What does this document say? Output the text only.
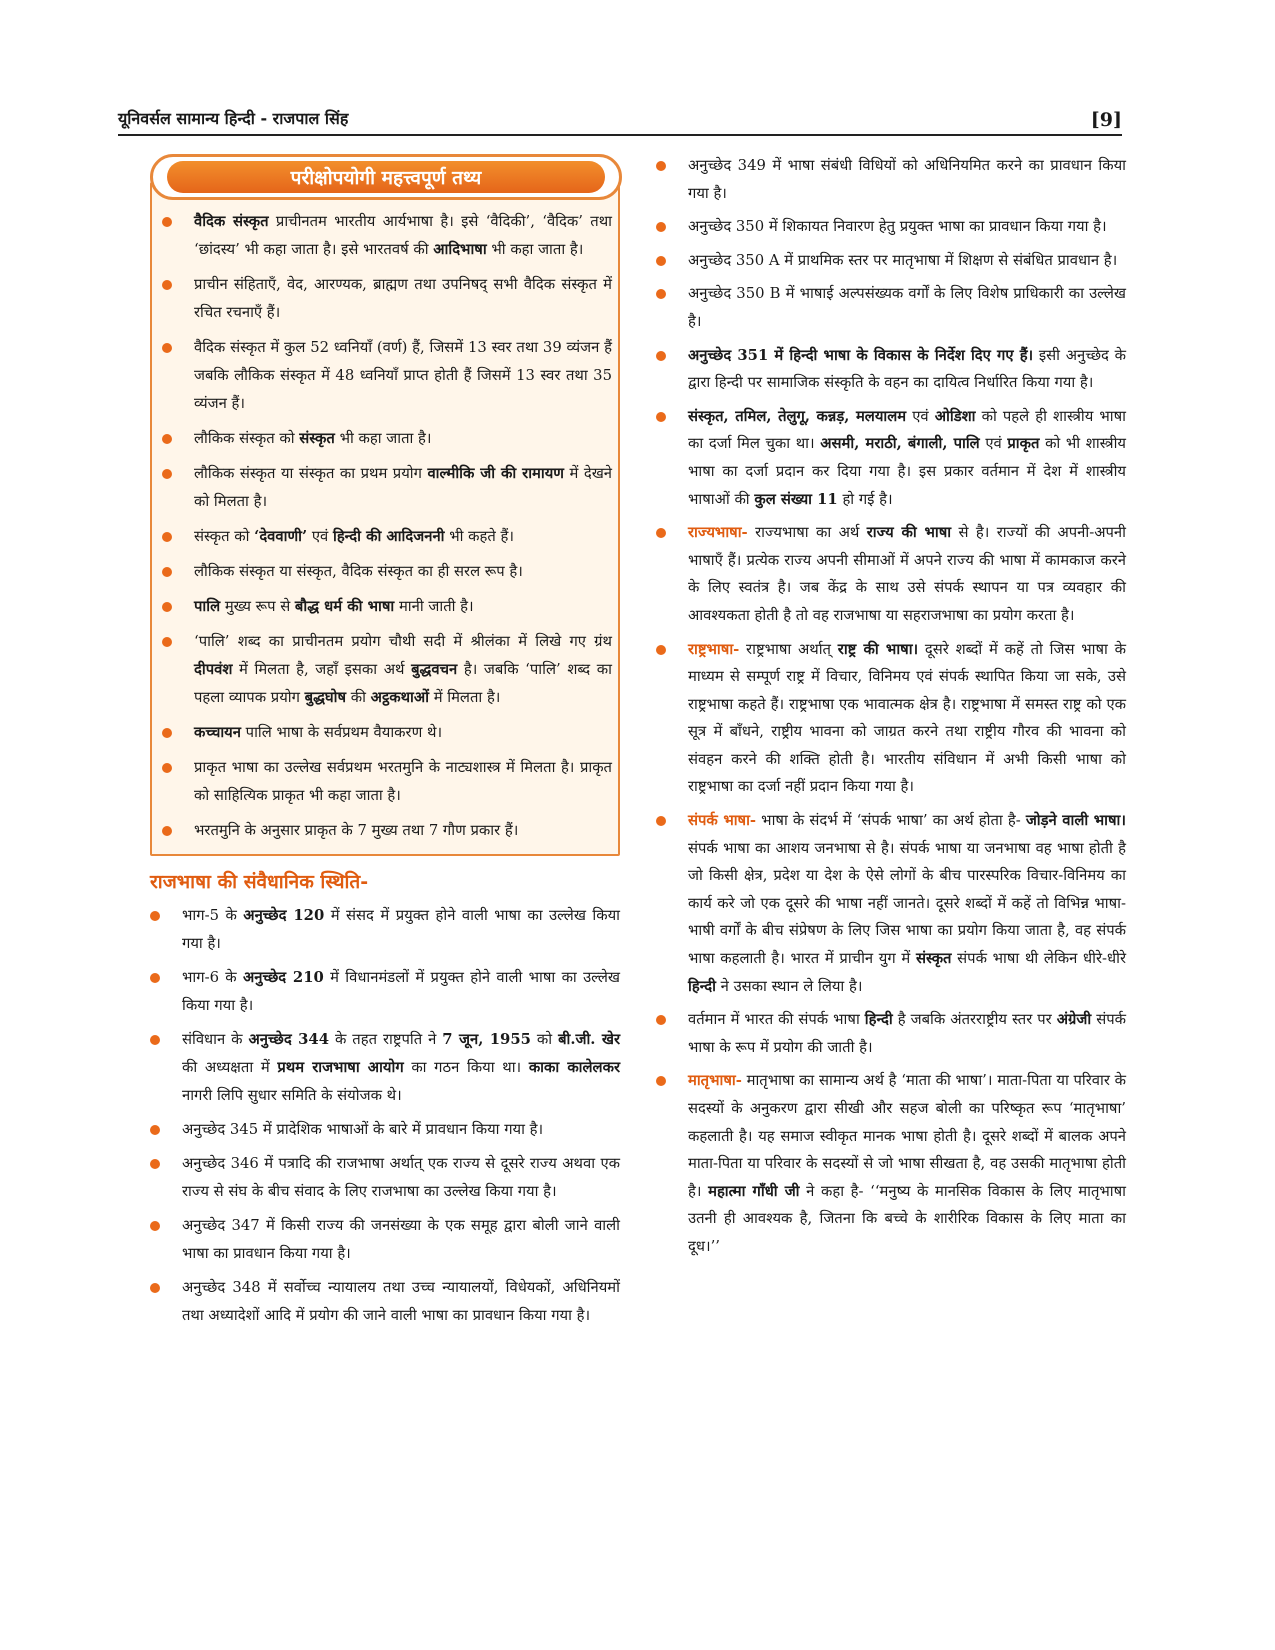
यूनिवर्सल सामान्य हिन्दी - राजपाल सिंह	[9]
परीक्षोपयोगी महत्त्वपूर्ण तथ्य
वैदिक संस्कृत प्राचीनतम भारतीय आर्यभाषा है। इसे ‘वैदिकी’, ‘वैदिक’ तथा ‘छांदस्य’ भी कहा जाता है। इसे भारतवर्ष की आदिभाषा भी कहा जाता है।
प्राचीन संहिताएँ, वेद, आरण्यक, ब्राह्मण तथा उपनिषद् सभी वैदिक संस्कृत में रचित रचनाएँ हैं।
वैदिक संस्कृत में कुल 52 ध्वनियाँ (वर्ण) हैं, जिसमें 13 स्वर तथा 39 व्यंजन हैं जबकि लौकिक संस्कृत में 48 ध्वनियाँ प्राप्त होती हैं जिसमें 13 स्वर तथा 35 व्यंजन हैं।
लौकिक संस्कृत को संस्कृत भी कहा जाता है।
लौकिक संस्कृत या संस्कृत का प्रथम प्रयोग वाल्मीकि जी की रामायण में देखने को मिलता है।
संस्कृत को ‘देववाणी’ एवं हिन्दी की आदिजननी भी कहते हैं।
लौकिक संस्कृत या संस्कृत, वैदिक संस्कृत का ही सरल रूप है।
पालि मुख्य रूप से बौद्ध धर्म की भाषा मानी जाती है।
‘पालि’ शब्द का प्राचीनतम प्रयोग चौथी सदी में श्रीलंका में लिखे गए ग्रंथ दीपवंश में मिलता है, जहाँ इसका अर्थ बुद्धवचन है। जबकि ‘पालि’ शब्द का पहला व्यापक प्रयोग बुद्धघोष की अट्ठकथाओं में मिलता है।
कच्चायन पालि भाषा के सर्वप्रथम वैयाकरण थे।
प्राकृत भाषा का उल्लेख सर्वप्रथम भरतमुनि के नाट्यशास्त्र में मिलता है। प्राकृत को साहित्यिक प्राकृत भी कहा जाता है।
भरतमुनि के अनुसार प्राकृत के 7 मुख्य तथा 7 गौण प्रकार हैं।
राजभाषा की संवैधानिक स्थिति-
भाग-5 के अनुच्छेद 120 में संसद में प्रयुक्त होने वाली भाषा का उल्लेख किया गया है।
भाग-6 के अनुच्छेद 210 में विधानमंडलों में प्रयुक्त होने वाली भाषा का उल्लेख किया गया है।
संविधान के अनुच्छेद 344 के तहत राष्ट्रपति ने 7 जून, 1955 को बी.जी. खेर की अध्यक्षता में प्रथम राजभाषा आयोग का गठन किया था। काका कालेलकर नागरी लिपि सुधार समिति के संयोजक थे।
अनुच्छेद 345 में प्रादेशिक भाषाओं के बारे में प्रावधान किया गया है।
अनुच्छेद 346 में पत्रादि की राजभाषा अर्थात् एक राज्य से दूसरे राज्य अथवा एक राज्य से संघ के बीच संवाद के लिए राजभाषा का उल्लेख किया गया है।
अनुच्छेद 347 में किसी राज्य की जनसंख्या के एक समूह द्वारा बोली जाने वाली भाषा का प्रावधान किया गया है।
अनुच्छेद 348 में सर्वोच्च न्यायालय तथा उच्च न्यायालयों, विधेयकों, अधिनियमों तथा अध्यादेशों आदि में प्रयोग की जाने वाली भाषा का प्रावधान किया गया है।
अनुच्छेद 349 में भाषा संबंधी विधियों को अधिनियमित करने का प्रावधान किया गया है।
अनुच्छेद 350 में शिकायत निवारण हेतु प्रयुक्त भाषा का प्रावधान किया गया है।
अनुच्छेद 350 A में प्राथमिक स्तर पर मातृभाषा में शिक्षण से संबंधित प्रावधान है।
अनुच्छेद 350 B में भाषाई अल्पसंख्यक वर्गों के लिए विशेष प्राधिकारी का उल्लेख है।
अनुच्छेद 351 में हिन्दी भाषा के विकास के निर्देश दिए गए हैं। इसी अनुच्छेद के द्वारा हिन्दी पर सामाजिक संस्कृति के वहन का दायित्व निर्धारित किया गया है।
संस्कृत, तमिल, तेलुगू, कन्नड़, मलयालम एवं ओडिशा को पहले ही शास्त्रीय भाषा का दर्जा मिल चुका था। असमी, मराठी, बंगाली, पालि एवं प्राकृत को भी शास्त्रीय भाषा का दर्जा प्रदान कर दिया गया है। इस प्रकार वर्तमान में देश में शास्त्रीय भाषाओं की कुल संख्या 11 हो गई है।
राज्यभाषा- राज्यभाषा का अर्थ राज्य की भाषा से है। राज्यों की अपनी-अपनी भाषाएँ हैं। प्रत्येक राज्य अपनी सीमाओं में अपने राज्य की भाषा में कामकाज करने के लिए स्वतंत्र है। जब केंद्र के साथ उसे संपर्क स्थापन या पत्र व्यवहार की आवश्यकता होती है तो वह राजभाषा या सहराजभाषा का प्रयोग करता है।
राष्ट्रभाषा- राष्ट्रभाषा अर्थात् राष्ट्र की भाषा। दूसरे शब्दों में कहें तो जिस भाषा के माध्यम से सम्पूर्ण राष्ट्र में विचार, विनिमय एवं संपर्क स्थापित किया जा सके, उसे राष्ट्रभाषा कहते हैं। राष्ट्रभाषा एक भावात्मक क्षेत्र है। राष्ट्रभाषा में समस्त राष्ट्र को एक सूत्र में बाँधने, राष्ट्रीय भावना को जाग्रत करने तथा राष्ट्रीय गौरव की भावना को संवहन करने की शक्ति होती है। भारतीय संविधान में अभी किसी भाषा को राष्ट्रभाषा का दर्जा नहीं प्रदान किया गया है।
संपर्क भाषा- भाषा के संदर्भ में ‘संपर्क भाषा’ का अर्थ होता है- जोड़ने वाली भाषा। संपर्क भाषा का आशय जनभाषा से है। संपर्क भाषा या जनभाषा वह भाषा होती है जो किसी क्षेत्र, प्रदेश या देश के ऐसे लोगों के बीच पारस्परिक विचार-विनिमय का कार्य करे जो एक दूसरे की भाषा नहीं जानते। दूसरे शब्दों में कहें तो विभिन्न भाषा-भाषी वर्गों के बीच संप्रेषण के लिए जिस भाषा का प्रयोग किया जाता है, वह संपर्क भाषा कहलाती है। भारत में प्राचीन युग में संस्कृत संपर्क भाषा थी लेकिन धीरे-धीरे हिन्दी ने उसका स्थान ले लिया है।
वर्तमान में भारत की संपर्क भाषा हिन्दी है जबकि अंतरराष्ट्रीय स्तर पर अंग्रेजी संपर्क भाषा के रूप में प्रयोग की जाती है।
मातृभाषा- मातृभाषा का सामान्य अर्थ है ‘माता की भाषा’। माता-पिता या परिवार के सदस्यों के अनुकरण द्वारा सीखी और सहज बोली का परिष्कृत रूप ‘मातृभाषा’ कहलाती है। यह समाज स्वीकृत मानक भाषा होती है। दूसरे शब्दों में बालक अपने माता-पिता या परिवार के सदस्यों से जो भाषा सीखता है, वह उसकी मातृभाषा होती है। महात्मा गाँधी जी ने कहा है- ‘‘मनुष्य के मानसिक विकास के लिए मातृभाषा उतनी ही आवश्यक है, जितना कि बच्चे के शारीरिक विकास के लिए माता का दूध।’’
